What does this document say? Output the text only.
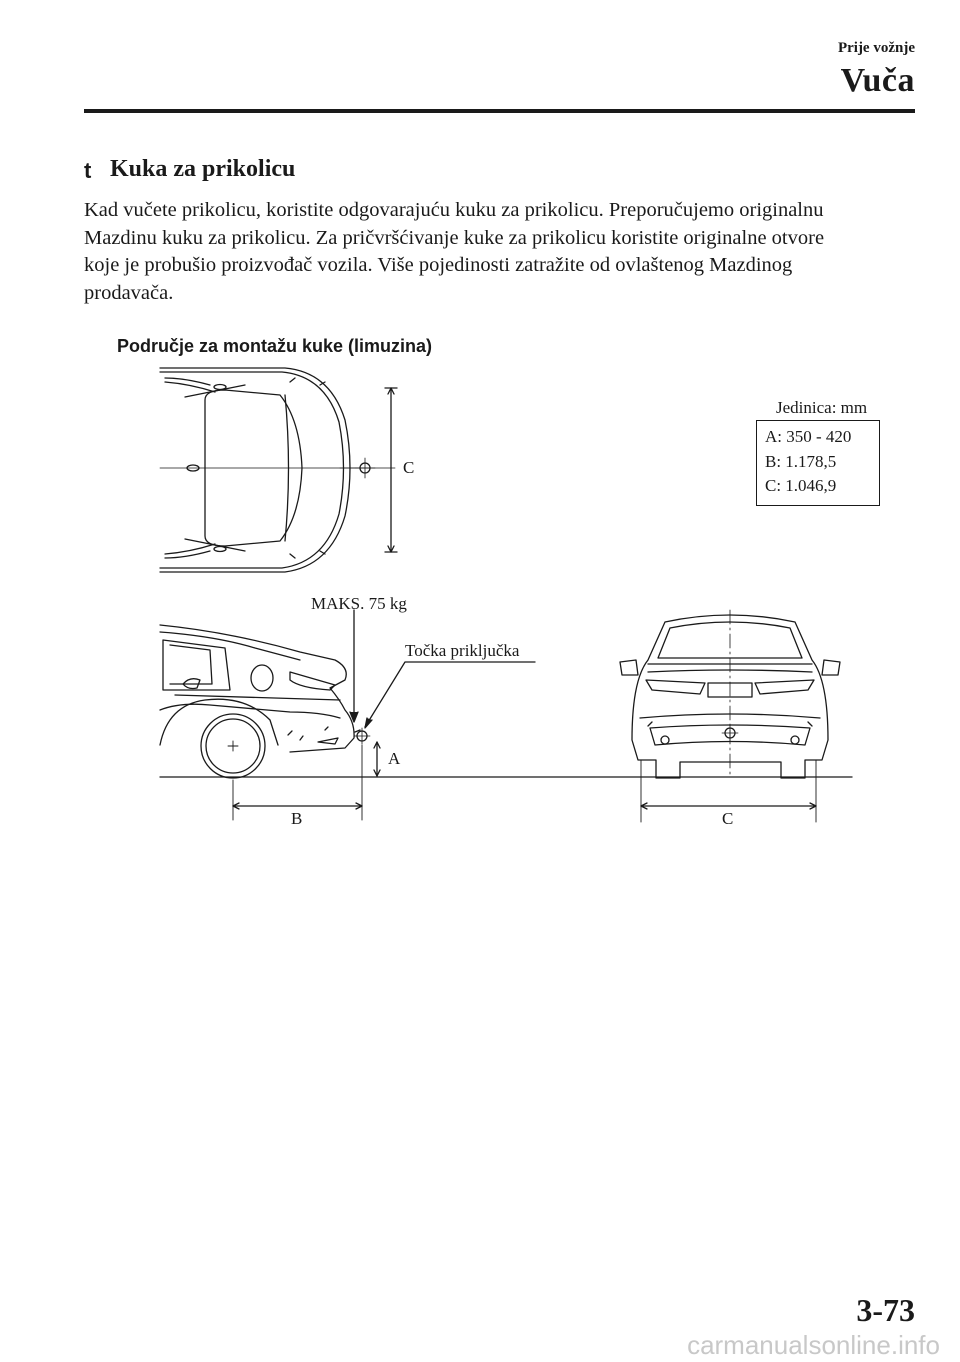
Prije vožnje
Vuča
t Kuka za prikolicu
Kad vučete prikolicu, koristite odgovarajuću kuku za prikolicu. Preporučujemo originalnu
Mazdinu kuku za prikolicu. Za pričvršćivanje kuke za prikolicu koristite originalne otvore
koje je probušio proizvođač vozila. Više pojedinosti zatražite od ovlaštenog Mazdinog
prodavača.
Područje za montažu kuke (limuzina)
C
MAKS. 75 kg
Točka priključka
A
B	C
Jedinica: mm
A: 350 - 420
B: 1.178,5
C: 1.046,9
3-73
carmanualsonline.info
